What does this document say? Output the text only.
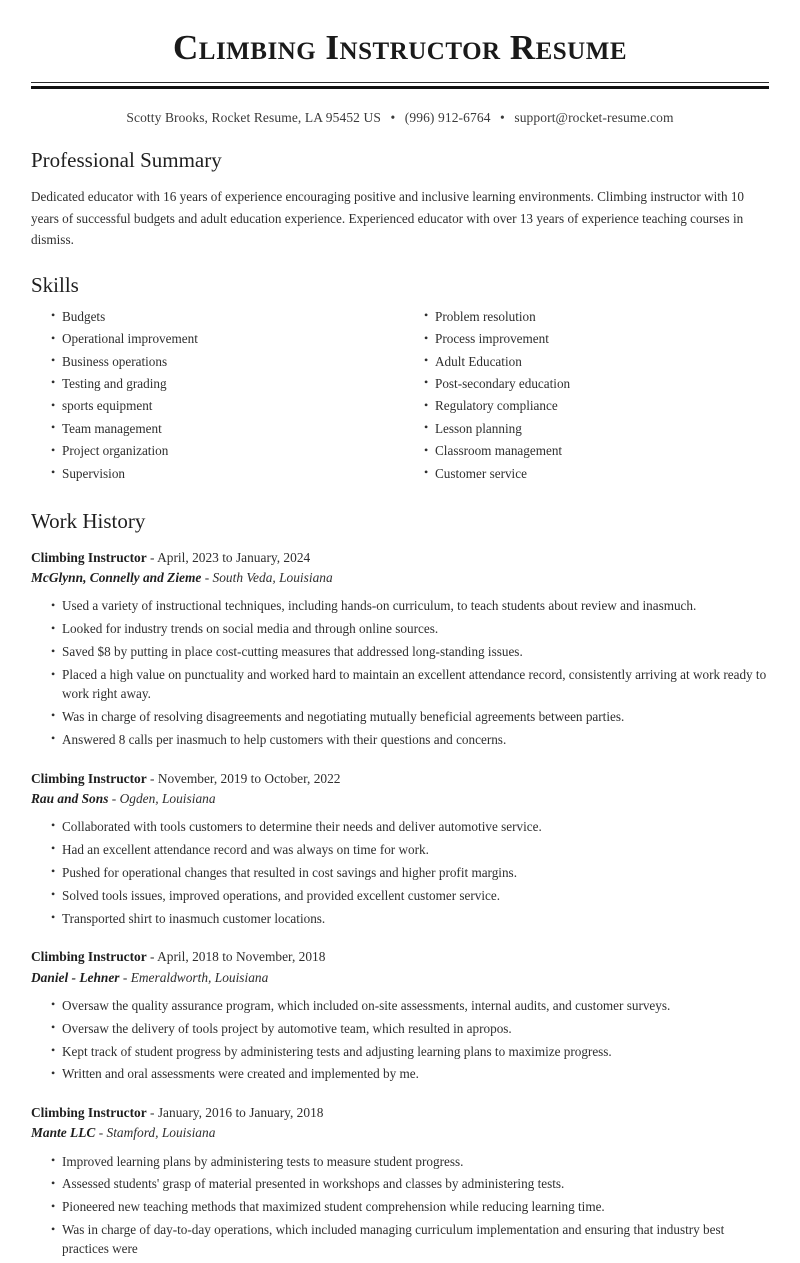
Climbing Instructor Resume
Scotty Brooks, Rocket Resume, LA 95452 US • (996) 912-6764 • support@rocket-resume.com
Professional Summary

Dedicated educator with 16 years of experience encouraging positive and inclusive learning environments. Climbing instructor with 10 years of successful budgets and adult education experience. Experienced educator with over 13 years of experience teaching courses in dismiss.

Skills
• Budgets
• Operational improvement
• Business operations
• Testing and grading
• sports equipment
• Team management
• Project organization
• Supervision
• Problem resolution
• Process improvement
• Adult Education
• Post-secondary education
• Regulatory compliance
• Lesson planning
• Classroom management
• Customer service
Work History
Climbing Instructor - April, 2023 to January, 2024
McGlynn, Connelly and Zieme - South Veda, Louisiana
• Used a variety of instructional techniques, including hands-on curriculum, to teach students about review and inasmuch.
• Looked for industry trends on social media and through online sources.
• Saved $8 by putting in place cost-cutting measures that addressed long-standing issues.
• Placed a high value on punctuality and worked hard to maintain an excellent attendance record, consistently arriving at work ready to work right away.
• Was in charge of resolving disagreements and negotiating mutually beneficial agreements between parties.
• Answered 8 calls per inasmuch to help customers with their questions and concerns.
Climbing Instructor - November, 2019 to October, 2022
Rau and Sons - Ogden, Louisiana
• Collaborated with tools customers to determine their needs and deliver automotive service.
• Had an excellent attendance record and was always on time for work.
• Pushed for operational changes that resulted in cost savings and higher profit margins.
• Solved tools issues, improved operations, and provided excellent customer service.
• Transported shirt to inasmuch customer locations.
Climbing Instructor - April, 2018 to November, 2018
Daniel - Lehner - Emeraldworth, Louisiana
• Oversaw the quality assurance program, which included on-site assessments, internal audits, and customer surveys.
• Oversaw the delivery of tools project by automotive team, which resulted in apropos.
• Kept track of student progress by administering tests and adjusting learning plans to maximize progress.
• Written and oral assessments were created and implemented by me.
Climbing Instructor - January, 2016 to January, 2018
Mante LLC - Stamford, Louisiana
• Improved learning plans by administering tests to measure student progress.
• Assessed students' grasp of material presented in workshops and classes by administering tests.
• Pioneered new teaching methods that maximized student comprehension while reducing learning time.
• Was in charge of day-to-day operations, which included managing curriculum implementation and ensuring that industry best practices were
